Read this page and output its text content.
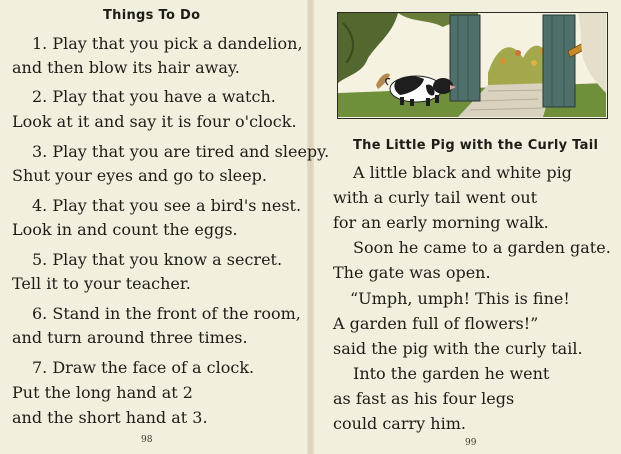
Things To Do
1. Play that you pick a dandelion,
and then blow its hair away.
2. Play that you have a watch.
Look at it and say it is four o'clock.
3. Play that you are tired and sleepy.
Shut your eyes and go to sleep.
4. Play that you see a bird's nest.
Look in and count the eggs.
5. Play that you know a secret.
Tell it to your teacher.
6. Stand in the front of the room,
and turn around three times.
7. Draw the face of a clock.
Put the long hand at 2
and the short hand at 3.
98
The Little Pig with the Curly Tail
A little black and white pig
with a curly tail went out
for an early morning walk.
Soon he came to a garden gate.
The gate was open.
“Umph, umph! This is fine!
A garden full of flowers!”
said the pig with the curly tail.
Into the garden he went
as fast as his four legs
could carry him.
99
